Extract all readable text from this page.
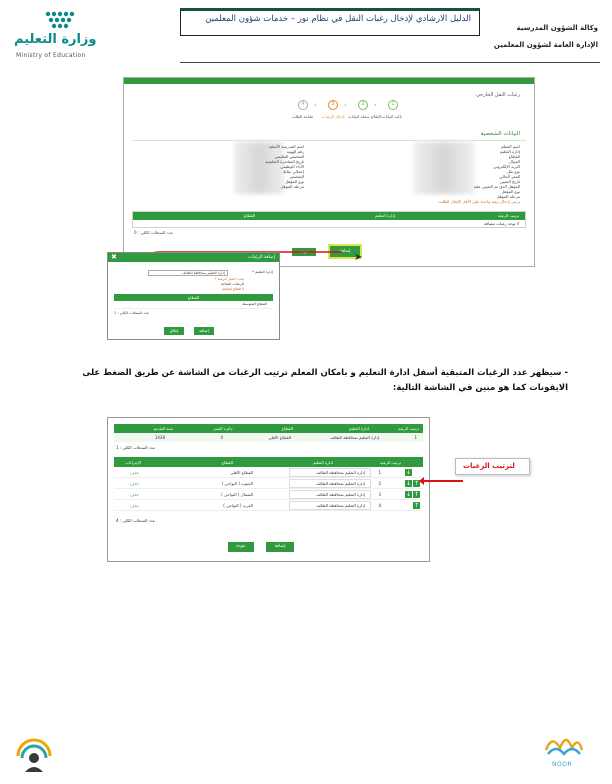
وزارة التعليم
Ministry of Education
الدليل الارشادي لإدخال رغبات النقل في نظام نور – خدمات شؤون المعلمين
وكالة الشؤون المدرسية
الإدارة العامة لشؤون المعلمين
رغبات النقل الخارجي
1
تأكيد البيانات
‹
2
الإطلاع سجلة البيانات
‹
3
إدخال الرغبات
‹
4
طباعة الطلب
البيانات الشخصية
اسم المعلم
إدارة التعليم
القطاع
الجوال
البريد الإلكتروني
نوع نقل
العمر الحالي
تاريخ التعيين
المؤهل الذي تم التعيين عليه
نوع المؤهل
مرحلة المؤهل
اسم المدرسة الأصلية
رقم الهوية
التخصص التعليمي
تاريخ المباشرة التعليمية
الأداء الوظيفي
إجمالي نقاط
التخصص
نوع المؤهل
مرحلة المؤهل
يرجى إدخال رغبة واحدة على الأقل لإكمال الطلب
ترتيب الرغبة
إدارة التعليم
القطاع
لا توجد رغبات مضافة
عدد السجلات الكلي : 0
عودة	إضافة
➤
✖	إضافة الرغبات
* إدارة التعليم
إدارة التعليم بمحافظة الطائف
* يجب اختيار الرغبة
الرغبات المتاحة
لا قطاع إضافية
القطاع
القطاع المتوسط
عدد السجلات الكلي : 1
إضافة
إغلاق
- سيظهر عدد الرغبات المتبقية أسفل ادارة التعليم و بامكان المعلم ترتيب الرغبات من الشاشة عن طريق الضغط على الايقونات كما هو مبين في الشاشة التالية:
ترتيب الرغبة
ادارة التعليم
القطاع
جائزة التميز
سنة التقديم
1
إدارة التعليم بمحافظة الطائف
القطاع الأهلي
0
1438
عدد السجلات الكلي : 1
ترتيب الرغبة
ادارة التعليم
القطاع
الإجراءات
↓
1
إدارة التعليم بمحافظة الطائف
القطاع الأهلي
حذف
↑
↓
2
إدارة التعليم بمحافظة الطائف
الجنوب ( النواحي )
حذف
↑
↓
3
إدارة التعليم بمحافظة الطائف
الشمال ( النواحي )
حذف
↑
4
إدارة التعليم بمحافظة الطائف
الغرب ( النواحي )
حذف
عدد السجلات الكلي : 4
إضافة
عودة
لترتيب الرغبات
NOOR
